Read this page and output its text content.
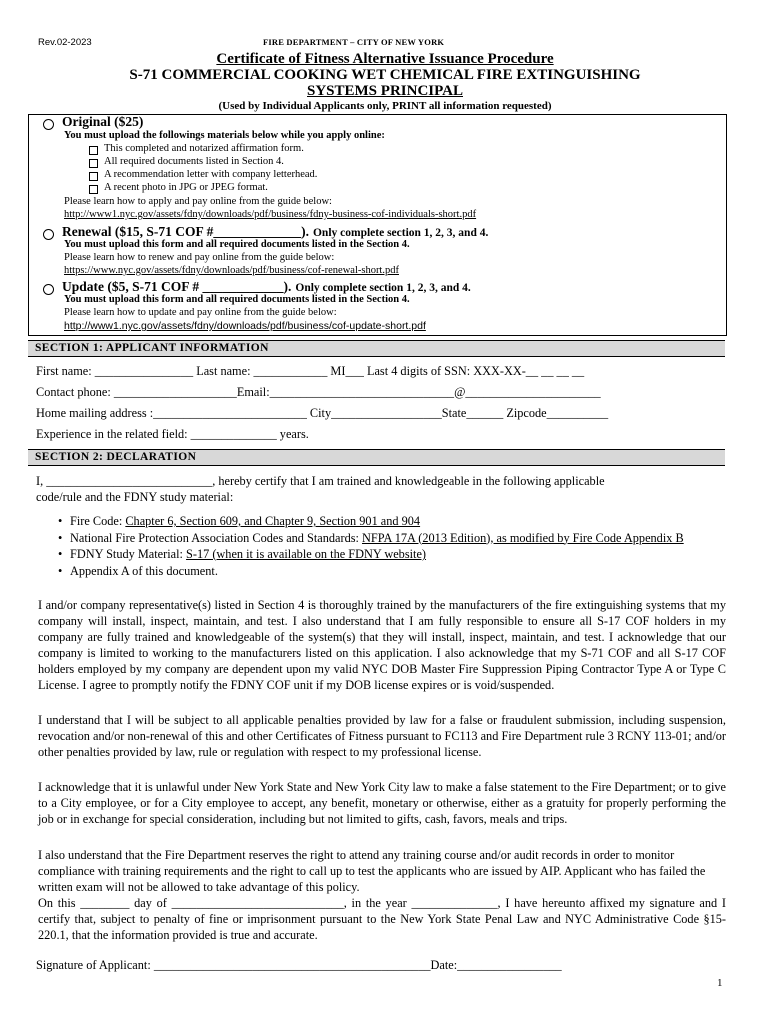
Rev.02-2023	FIRE DEPARTMENT – CITY OF NEW YORK
Certificate of Fitness Alternative Issuance Procedure
S-71 COMMERCIAL COOKING WET CHEMICAL FIRE EXTINGUISHING
SYSTEMS PRINCIPAL
(Used by Individual Applicants only, PRINT all information requested)
Original ($25)
You must upload the followings materials below while you apply online:
This completed and notarized affirmation form.
All required documents listed in Section 4.
A recommendation letter with company letterhead.
A recent photo in JPG or JPEG format.
Please learn how to apply and pay online from the guide below:
http://www1.nyc.gov/assets/fdny/downloads/pdf/business/fdny-business-cof-individuals-short.pdf
Renewal ($15, S-71 COF #_____________). Only complete section 1, 2, 3, and 4.
You must upload this form and all required documents listed in the Section 4.
Please learn how to renew and pay online from the guide below:
https://www.nyc.gov/assets/fdny/downloads/pdf/business/cof-renewal-short.pdf
Update ($5, S-71 COF # ____________). Only complete section 1, 2, 3, and 4.
You must upload this form and all required documents listed in the Section 4.
Please learn how to update and pay online from the guide below:
http://www1.nyc.gov/assets/fdny/downloads/pdf/business/cof-update-short.pdf
SECTION 1: APPLICANT INFORMATION
First name: ________________ Last name: ____________ MI___ Last 4 digits of SSN: XXX-XX-__ __ __ __
Contact phone: ____________________Email:______________________________@______________________
Home mailing address :_________________________ City__________________State______ Zipcode__________
Experience in the related field: ______________ years.
SECTION 2: DECLARATION
I, ___________________________, hereby certify that I am trained and knowledgeable in the following applicable
code/rule and the FDNY study material:
• Fire Code: Chapter 6, Section 609, and Chapter 9, Section 901 and 904
• National Fire Protection Association Codes and Standards: NFPA 17A (2013 Edition), as modified by Fire Code Appendix B
• FDNY Study Material: S-17 (when it is available on the FDNY website)
• Appendix A of this document.
I and/or company representative(s) listed in Section 4 is thoroughly trained by the manufacturers of the fire extinguishing systems that my company will install, inspect, maintain, and test. I also understand that I am fully responsible to ensure all S-17 COF holders in my company are fully trained and knowledgeable of the system(s) that they will install, inspect, maintain, and test. I acknowledge that our company is limited to working to the manufacturers listed on this application. I also acknowledge that my S-71 COF and all S-17 COF holders employed by my company are dependent upon my valid NYC DOB Master Fire Suppression Piping Contractor Type A or Type C License. I agree to promptly notify the FDNY COF unit if my DOB license expires or is void/suspended.
I understand that I will be subject to all applicable penalties provided by law for a false or fraudulent submission, including suspension, revocation and/or non-renewal of this and other Certificates of Fitness pursuant to FC113 and Fire Department rule 3 RCNY 113-01; and/or other penalties provided by law, rule or regulation with respect to my professional license.
I acknowledge that it is unlawful under New York State and New York City law to make a false statement to the Fire Department; or to give to a City employee, or for a City employee to accept, any benefit, monetary or otherwise, either as a gratuity for properly performing the job or in exchange for special consideration, including but not limited to gifts, cash, favors, meals and trips.
I also understand that the Fire Department reserves the right to attend any training course and/or audit records in order to monitor compliance with training requirements and the right to call up to test the applicants who are issued by AIP. Applicant who has failed the written exam will not be allowed to take advantage of this policy.
On this ________ day of ____________________________, in the year ______________, I have hereunto affixed my signature and I certify that, subject to penalty of fine or imprisonment pursuant to the New York State Penal Law and NYC Administrative Code §15-220.1, that the information provided is true and accurate.
Signature of Applicant: _____________________________________________Date:_________________
1
